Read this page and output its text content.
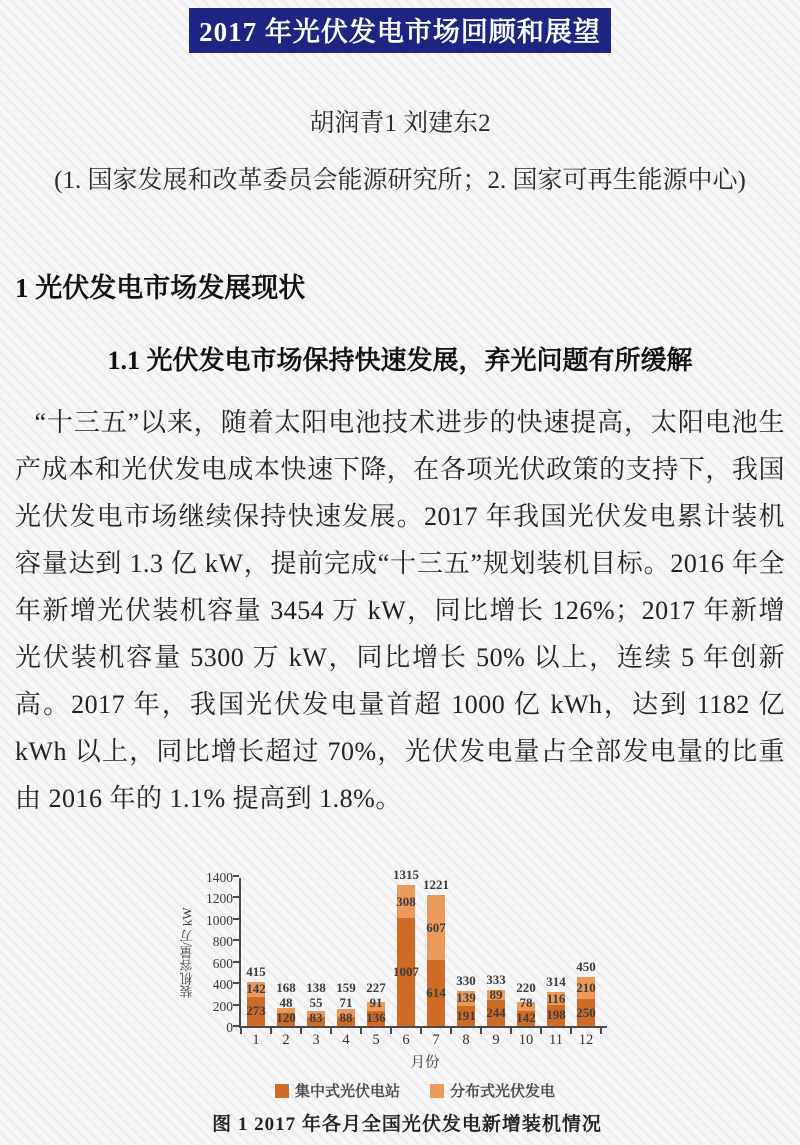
2017 年光伏发电市场回顾和展望
胡润青1 刘建东2
(1. 国家发展和改革委员会能源研究所；2. 国家可再生能源中心)
1 光伏发电市场发展现状
1.1 光伏发电市场保持快速发展，弃光问题有所缓解
“十三五”以来，随着太阳电池技术进步的快速提高，太阳电池生产成本和光伏发电成本快速下降，在各项光伏政策的支持下，我国光伏发电市场继续保持快速发展。2017 年我国光伏发电累计装机容量达到 1.3 亿 kW，提前完成“十三五”规划装机目标。2016 年全年新增光伏装机容量 3454 万 kW，同比增长 126%；2017 年新增光伏装机容量 5300 万 kW，同比增长 50% 以上，连续 5 年创新高。2017 年，我国光伏发电量首超 1000 亿 kWh，达到 1182 亿 kWh 以上，同比增长超过 70%，光伏发电量占全部发电量的比重由 2016 年的 1.1% 提高到 1.8%。
装机容量/万 kW
0
200
400
600
800
1000
1200
1400
273
142
415
120
48
168
83
55
138
88
71
159
136
91
227
1007
308
1315
614
607
1221
191
139
330
244
89
333
142
78
220
198
116
314
250
210
450
1	2	3	4	5	6	7	8	9	10	11	12
月份
集中式光伏电站	分布式光伏发电
图 1 2017 年各月全国光伏发电新增装机情况
